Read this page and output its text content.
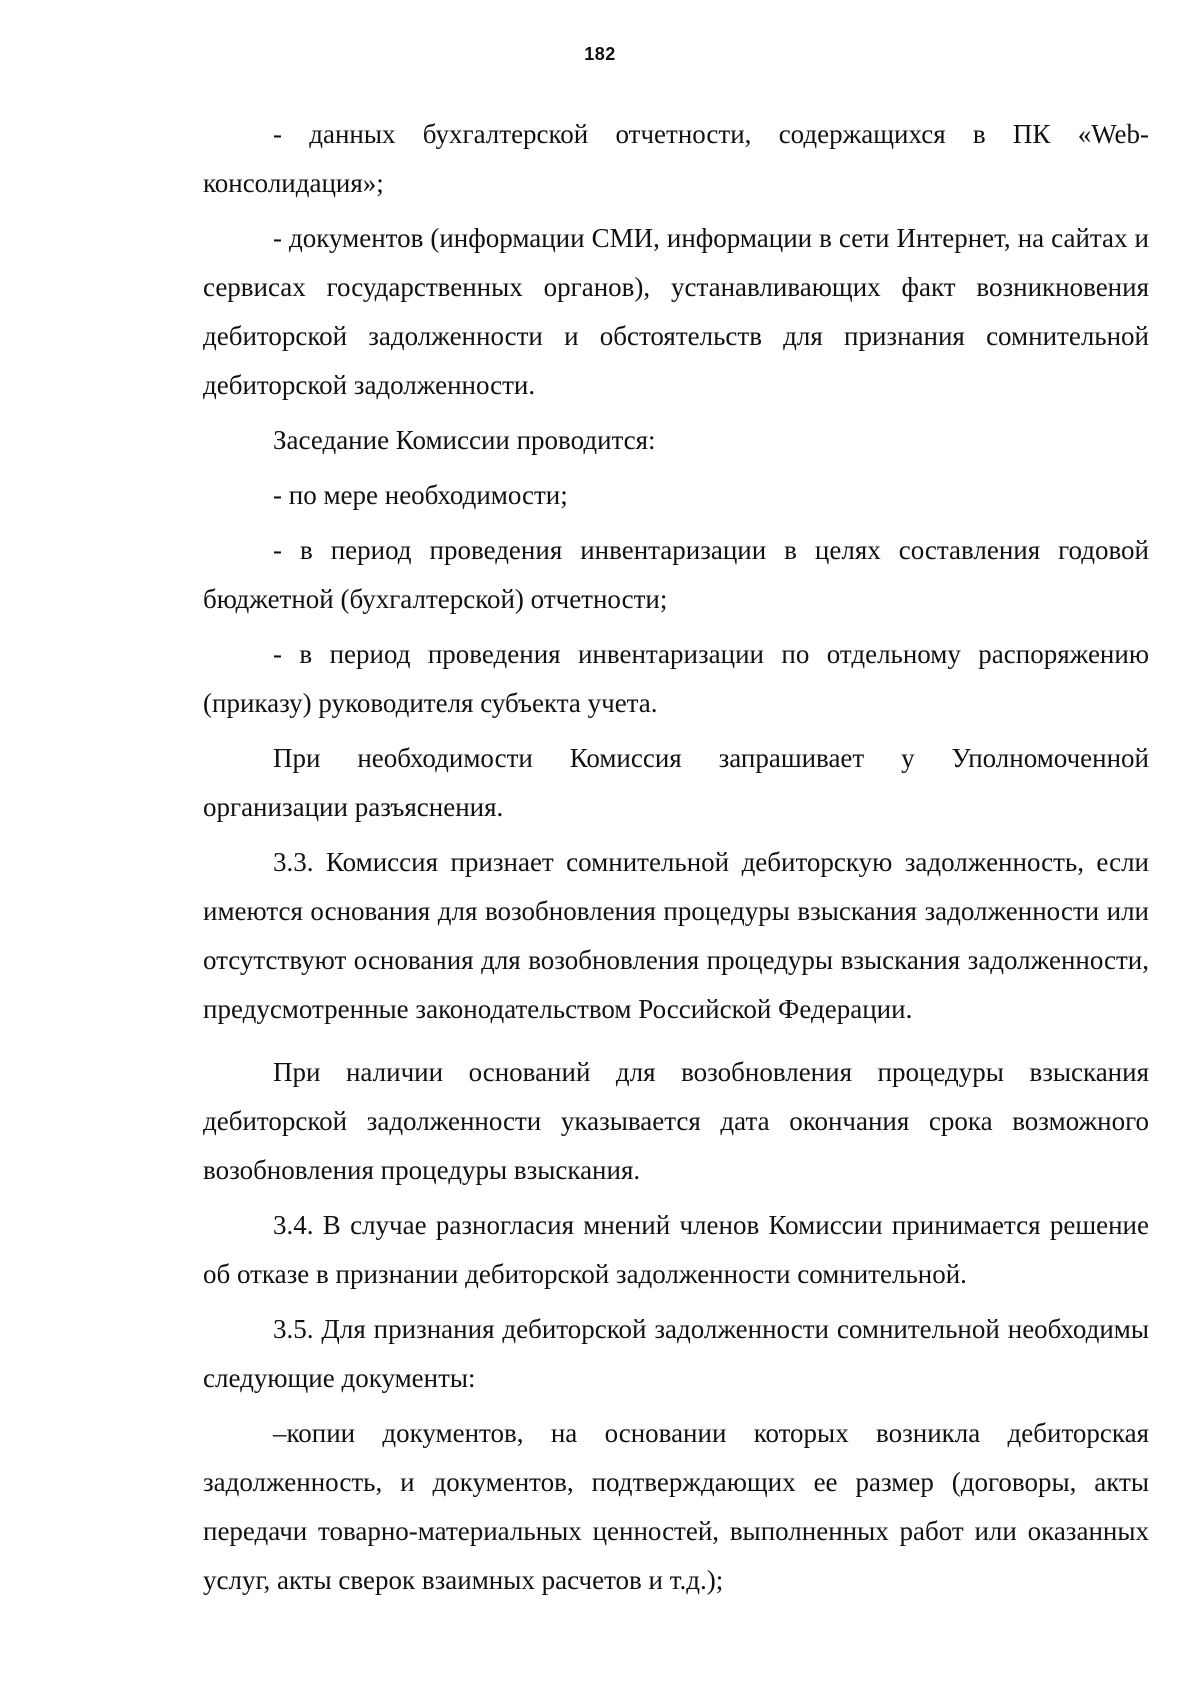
182

- данных бухгалтерской отчетности, содержащихся в ПК «Web-консолидация»;

- документов (информации СМИ, информации в сети Интернет, на сайтах и сервисах государственных органов), устанавливающих факт возникновения дебиторской задолженности и обстоятельств для признания сомнительной дебиторской задолженности.

Заседание Комиссии проводится:

- по мере необходимости;

- в период проведения инвентаризации в целях составления годовой бюджетной (бухгалтерской) отчетности;

- в период проведения инвентаризации по отдельному распоряжению (приказу) руководителя субъекта учета.

При необходимости Комиссия запрашивает у Уполномоченной организации разъяснения.

3.3. Комиссия признает сомнительной дебиторскую задолженность, если имеются основания для возобновления процедуры взыскания задолженности или отсутствуют основания для возобновления процедуры взыскания задолженности, предусмотренные законодательством Российской Федерации.

При наличии оснований для возобновления процедуры взыскания дебиторской задолженности указывается дата окончания срока возможного возобновления процедуры взыскания.

3.4. В случае разногласия мнений членов Комиссии принимается решение об отказе в признании дебиторской задолженности сомнительной.

3.5. Для признания дебиторской задолженности сомнительной необходимы следующие документы:

–копии документов, на основании которых возникла дебиторская задолженность, и документов, подтверждающих ее размер (договоры, акты передачи товарно-материальных ценностей, выполненных работ или оказанных услуг, акты сверок взаимных расчетов и т.д.);
